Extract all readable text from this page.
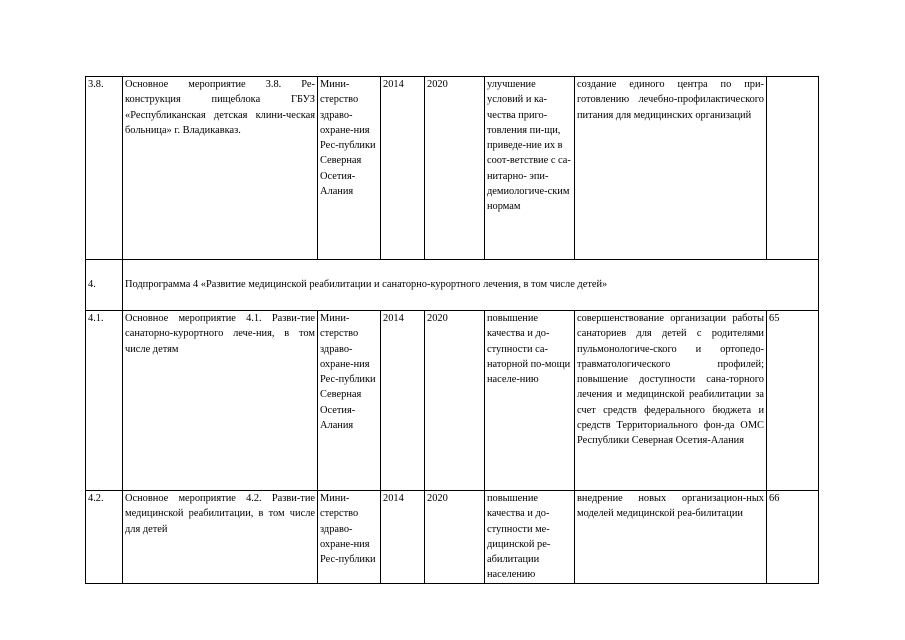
3.8.	Основное мероприятие 3.8. Ре-конструкция пищеблока ГБУЗ «Республиканская детская клини-ческая больница» г. Владикавказ.	Мини-стерство здраво-охране-ния Рес-публики Северная Осетия-Алания	2014	2020	улучшение условий и ка-чества приго-товления пи-щи, приведе-ние их в соот-ветствие с са-нитарно- эпи-демиологиче-ским нормам	создание единого центра по при-готовлению лечебно-профилактического питания для медицинских организаций	
4.	Подпрограмма 4 «Развитие медицинской реабилитации и санаторно-курортного лечения, в том числе детей»						
4.1.	Основное мероприятие 4.1. Разви-тие санаторно-курортного лече-ния, в том числе детям	Мини-стерство здраво-охране-ния Рес-публики Северная Осетия-Алания	2014	2020	повышение качества и до-ступности са-наторной по-мощи населе-нию	совершенствование организации работы санаториев для детей с родителями пульмонологиче-ского и ортопедо-травматологического профилей; повышение доступности сана-торного лечения и медицинской реабилитации за счет средств федерального бюджета и средств Территориального фон-да ОМС Республики Северная Осетия-Алания	65
4.2.	Основное мероприятие 4.2. Разви-тие медицинской реабилитации, в том числе для детей	Мини-стерство здраво-охране-ния Рес-публики	2014	2020	повышение качества и до-ступности ме-дицинской ре-абилитации населению	внедрение новых организацион-ных моделей медицинской реа-билитации	66
